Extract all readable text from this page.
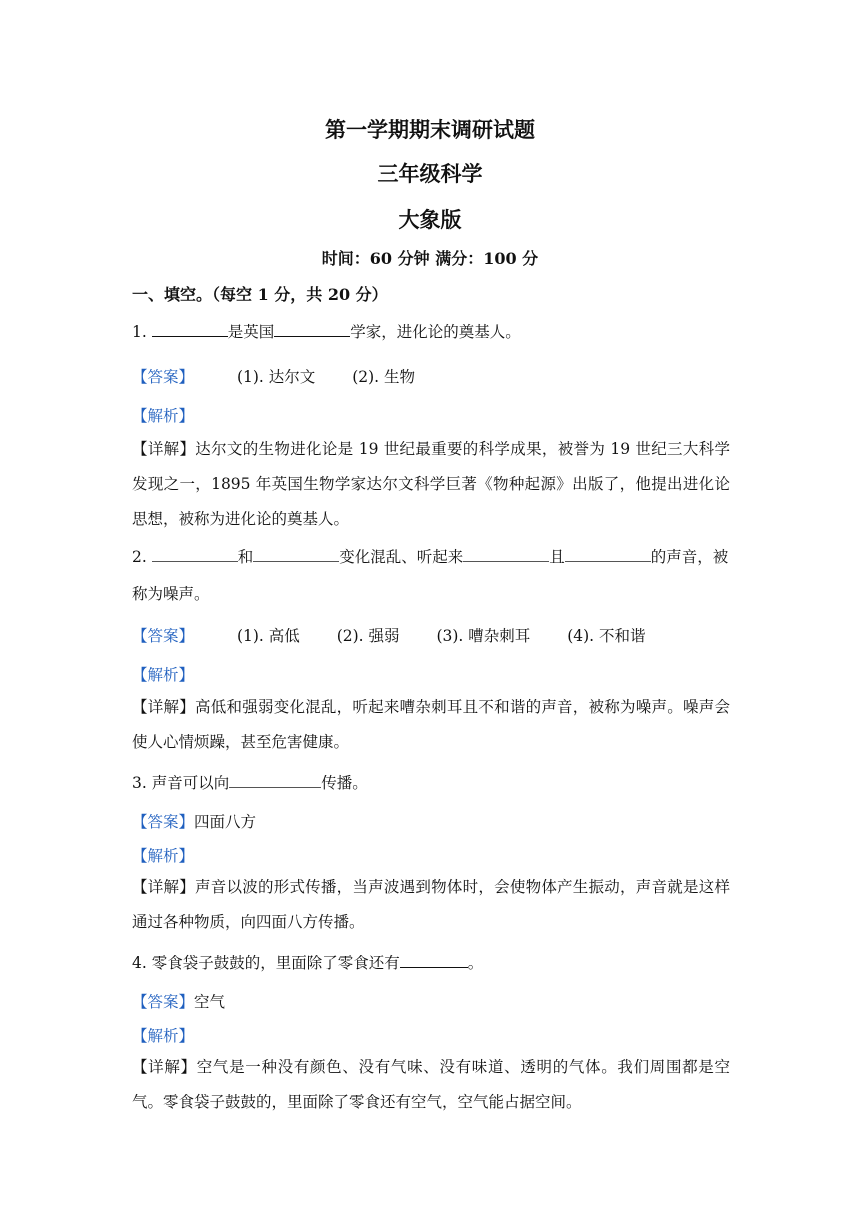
第一学期期末调研试题
三年级科学
大象版
时间：60 分钟 满分：100 分
一、填空。（每空 1 分，共 20 分）
1.	是英国	学家，进化论的奠基人。
【答案】	(1). 达尔文 (2). 生物
【解析】
【详解】达尔文的生物进化论是 19 世纪最重要的科学成果，被誉为 19 世纪三大科学发现之一，1895 年英国生物学家达尔文科学巨著《物种起源》出版了，他提出进化论思想，被称为进化论的奠基人。
2.	和	变化混乱、听起来	且	的声音，被
称为噪声。
【答案】	(1). 高低 (2). 强弱 (3). 嘈杂刺耳 (4). 不和谐
【解析】
【详解】高低和强弱变化混乱，听起来嘈杂刺耳且不和谐的声音，被称为噪声。噪声会使人心情烦躁，甚至危害健康。
3. 声音可以向	传播。
【答案】四面八方
【解析】
【详解】声音以波的形式传播，当声波遇到物体时，会使物体产生振动，声音就是这样通过各种物质，向四面八方传播。
4. 零食袋子鼓鼓的，里面除了零食还有	。
【答案】空气
【解析】
【详解】空气是一种没有颜色、没有气味、没有味道、透明的气体。我们周围都是空气。零食袋子鼓鼓的，里面除了零食还有空气，空气能占据空间。
